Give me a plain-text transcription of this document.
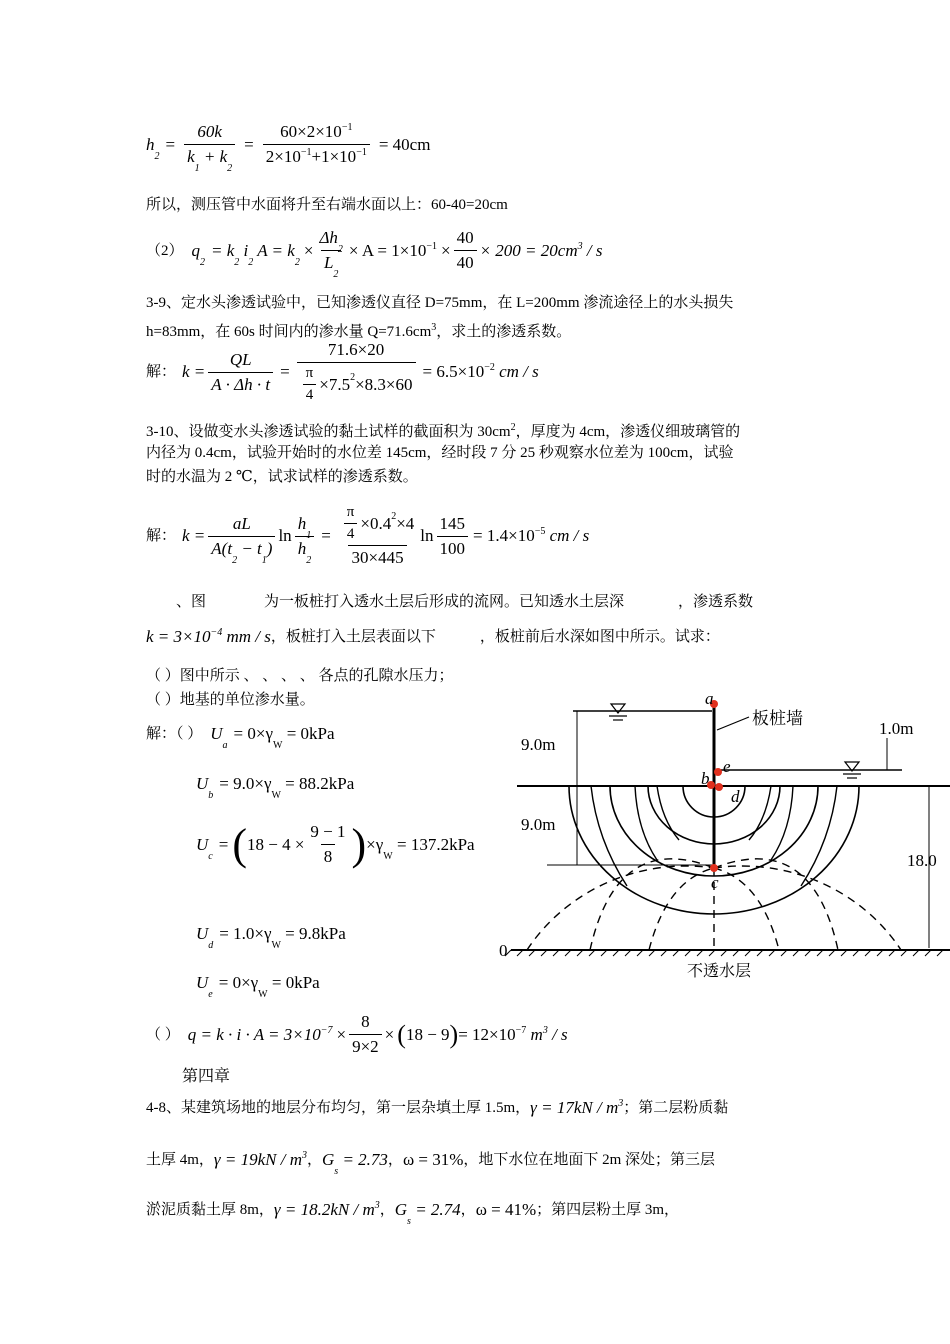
$h_2$
= $\frac{60k}{k_1 + k_2} = \frac{60\times 2\times 10^{-1}}{2\times 10^{-1}+1\times 10^{-1}} = 40cm$
所以，测压管中水面将升至右端水面以上：60-40=20cm
（2） $q_2$
= $k_2$ $i_2$ $A = k_2$
× $\frac{\Delta h_2}{L_2} \times A = 1\times 10^{-1} \times \frac{40}{40} \times 200 = 20cm^3 / s$
3-9、定水头渗透试验中，已知渗透仪直径 D=75mm，在 L=200mm 渗流途径上的水头损失
h=83mm，在 60s 时间内的渗水量 $Q=71.6cm^3$，求土的渗透系数。
解： $k = \frac{QL}{A \cdot \Delta h \cdot t} = \frac{71.6\times 20}{\frac{\pi}{4} \times 7.5 2 \times 8.3\times 60} = 6.5\times 10^{-2}$ cm / s
3-10、设做变水头渗透试验的黏土试样的截面积为 $30cm^2$，厚度为 4cm，渗透仪细玻璃管的
内径为 0.4cm，试验开始时的水位差 145cm，经时段 7 分 25 秒观察水位差为 100cm，试验
时的水温为 2 ℃，试求试样的渗透系数。
解： $k = \frac{aL}{A(t_2 - t_1)}$ $\ln \frac{h_1}{h_2} = \frac{\frac{\pi}{4} \times 0.4 2 \times 4}{30\times 445}$ $\ln \frac{145}{100} = 1.4\times 10^{-5}$ cm / s
、图	为一板桩打入透水土层后形成的流网。已知透水土层深	，渗透系数
$k = 3\times 10^{-4}$ mm / s ，板桩打入土层表面以下	，板桩前后水深如图中所示。试求：
（ ）图中所示 、 、 、 、 各点的孔隙水压力；
（ ）地基的单位渗水量。
解：（ ） $U_a$
= $0\times\gamma_W = 0kPa$
$U_b$
= $9.0\times\gamma_W = 88.2kPa$
$U_c$
= ( $18 - 4 \times \frac{9 - 1}{8}$ ) $\times\gamma_W = 137.2kPa$
$U_d$
= $1.0\times\gamma_W = 9.8kPa$
$U_e$
= $0\times\gamma_W = 0kPa$
（ ） $q = k \cdot i \cdot A = 3\times 10^{-7} \times \frac{8}{9\times 2}$ × ( 18 − 9 ) = $12\times 10^{-7}$ $m^3$ / s
第四章
4-8、某建筑场地的地层分布均匀，第一层杂填土厚 1.5m， $\gamma = 17kN / m^3$ ；第二层粉质黏
土厚 4m， $\gamma = 19kN / m^3$ ， $G_s = 2.73$ ， ω = 31% ，地下水位在地面下 2m 深处；第三层
淤泥质黏土厚 8m， $\gamma = 18.2kN / m^3$ ， $G_s = 2.74$ ， ω = 41% ；第四层粉土厚 3m，
a
e
b
d
c
板桩墙
9.0m
9.0m
1.0m
18.0
0
不透水层
